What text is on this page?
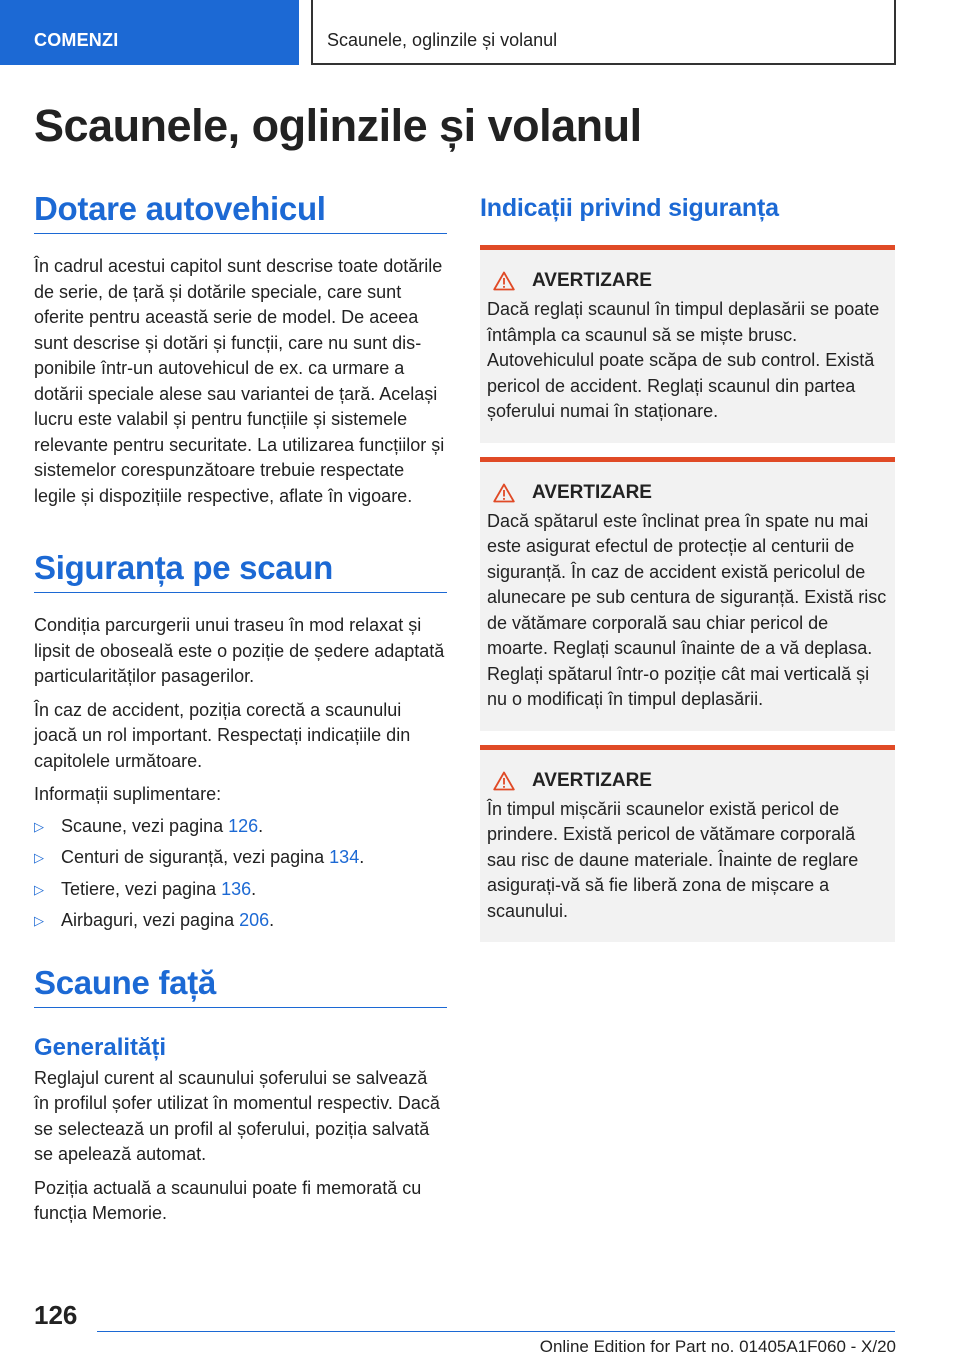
COMENZI	Scaunele, oglinzile și volanul
Scaunele, oglinzile și volanul
Dotare autovehicul

În cadrul acestui capitol sunt descrise toate dotările de serie, de țară și dotările speciale, care sunt oferite pentru această serie de model. De aceea sunt descrise și dotări și funcții, care nu sunt disponibile într-un autovehicul de ex. ca urmare a dotării speciale alese sau variantei de țară. Același lucru este valabil și pentru funcțiile și sistemele relevante pentru securitate. La utilizarea funcțiilor și sistemelor corespunzătoare trebuie respectate legile și dispozițiile respective, aflate în vigoare.

Siguranța pe scaun

Condiția parcurgerii unui traseu în mod relaxat și lipsit de oboseală este o poziție de ședere adaptată particularităților pasagerilor.

În caz de accident, poziția corectă a scaunului joacă un rol important. Respectați indicațiile din capitolele următoare.

Informații suplimentare:

▷ Scaune, vezi pagina 126.
▷ Centuri de siguranță, vezi pagina 134.
▷ Tetiere, vezi pagina 136.
▷ Airbaguri, vezi pagina 206.
Scaune față
Generalități

Reglajul curent al scaunului șoferului se salvează în profilul șofer utilizat în momentul respectiv. Dacă se selectează un profil al șoferului, poziția salvată se apelează automat.

Poziția actuală a scaunului poate fi memorată cu funcția Memorie.

Indicații privind siguranța
AVERTIZARE

Dacă reglați scaunul în timpul deplasării se poate întâmpla ca scaunul să se miște brusc. Autovehiculul poate scăpa de sub control. Există pericol de accident. Reglați scaunul din partea șoferului numai în staționare.

AVERTIZARE

Dacă spătarul este înclinat prea în spate nu mai este asigurat efectul de protecție al centurii de siguranță. În caz de accident există pericolul de alunecare pe sub centura de siguranță. Există risc de vătămare corporală sau chiar pericol de moarte. Reglați scaunul înainte de a vă deplasa. Reglați spătarul într-o poziție cât mai verticală și nu o modificați în timpul deplasării.

AVERTIZARE

În timpul mișcării scaunelor există pericol de prindere. Există pericol de vătămare corporală sau risc de daune materiale. Înainte de reglare asigurați-vă să fie liberă zona de mișcare a scaunului.

126
Online Edition for Part no. 01405A1F060 - X/20
